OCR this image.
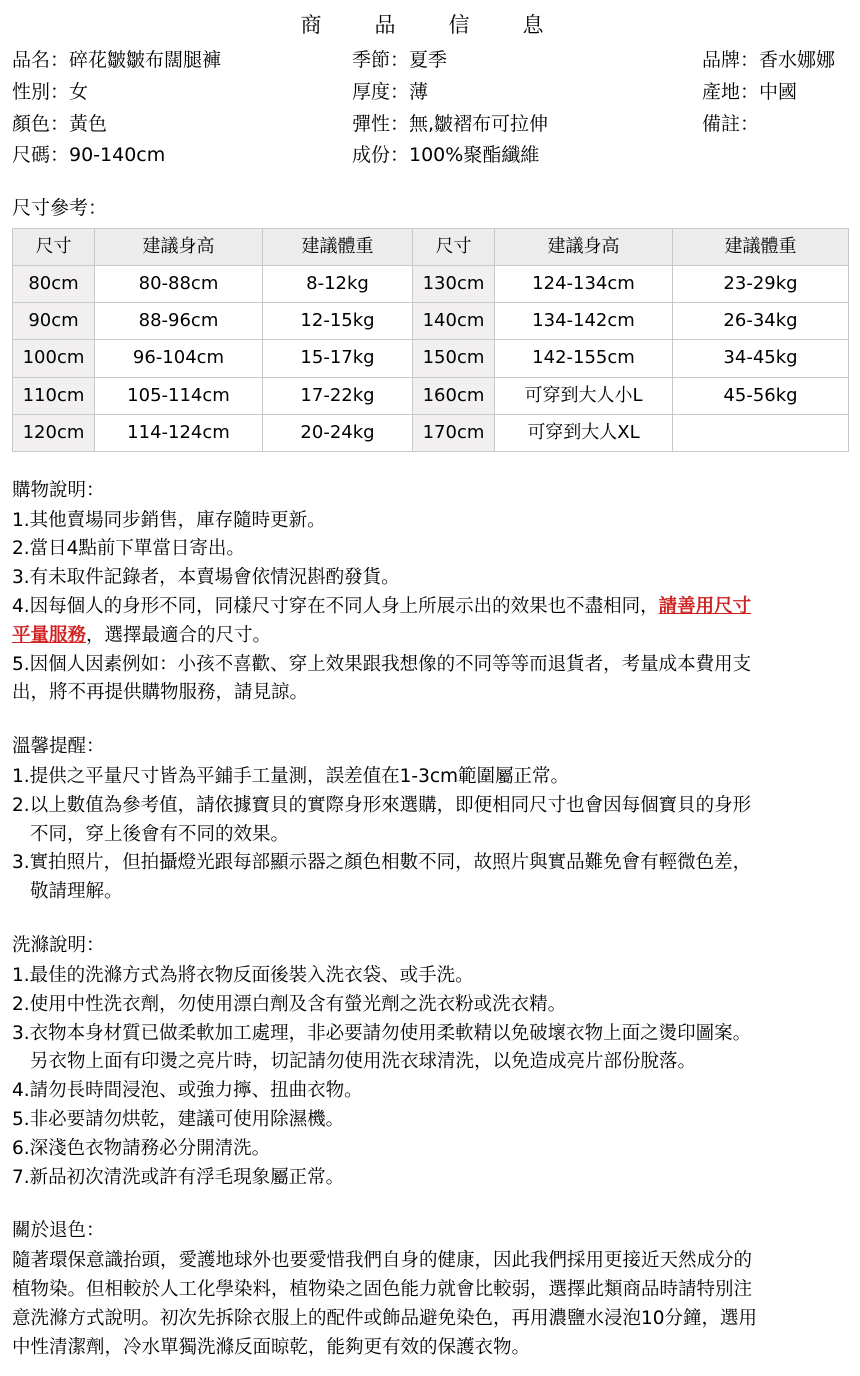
商　品　信　息
品名：碎花皺皺布闊腿褲	季節：夏季	品牌：香水娜娜
性別：女	厚度：薄	產地：中國
顏色：黃色	彈性：無,皺褶布可拉伸	備註：
尺碼：90-140cm	成份：100%聚酯纖維
尺寸參考：
尺寸	建議身高	建議體重	尺寸	建議身高	建議體重
80cm	80-88cm	8-12kg	130cm	124-134cm	23-29kg
90cm	88-96cm	12-15kg	140cm	134-142cm	26-34kg
100cm	96-104cm	15-17kg	150cm	142-155cm	34-45kg
110cm	105-114cm	17-22kg	160cm	可穿到大人小L	45-56kg
120cm	114-124cm	20-24kg	170cm	可穿到大人XL	
購物說明：

1.其他賣場同步銷售，庫存隨時更新。

2.當日4點前下單當日寄出。

3.有未取件記錄者，本賣場會依情況斟酌發貨。

4.因每個人的身形不同，同樣尺寸穿在不同人身上所展示出的效果也不盡相同，請善用尺寸

平量服務，選擇最適合的尺寸。

5.因個人因素例如：小孩不喜歡、穿上效果跟我想像的不同等等而退貨者，考量成本費用支

出，將不再提供購物服務，請見諒。

溫馨提醒：

1.提供之平量尺寸皆為平鋪手工量測，誤差值在1-3cm範圍屬正常。

2.以上數值為參考值，請依據寶貝的實際身形來選購，即便相同尺寸也會因每個寶貝的身形

不同，穿上後會有不同的效果。

3.實拍照片，但拍攝燈光跟每部顯示器之顏色相數不同，故照片與實品難免會有輕微色差，

敬請理解。

洗滌說明：

1.最佳的洗滌方式為將衣物反面後裝入洗衣袋、或手洗。

2.使用中性洗衣劑，勿使用漂白劑及含有螢光劑之洗衣粉或洗衣精。

3.衣物本身材質已做柔軟加工處理，非必要請勿使用柔軟精以免破壞衣物上面之燙印圖案。

另衣物上面有印燙之亮片時，切記請勿使用洗衣球清洗，以免造成亮片部份脫落。

4.請勿長時間浸泡、或強力擰、扭曲衣物。

5.非必要請勿烘乾，建議可使用除濕機。

6.深淺色衣物請務必分開清洗。

7.新品初次清洗或許有浮毛現象屬正常。

關於退色：

隨著環保意識抬頭，愛護地球外也要愛惜我們自身的健康，因此我們採用更接近天然成分的

植物染。但相較於人工化學染料，植物染之固色能力就會比較弱，選擇此類商品時請特別注

意洗滌方式說明。初次先拆除衣服上的配件或飾品避免染色，再用濃鹽水浸泡10分鐘，選用

中性清潔劑，冷水單獨洗滌反面晾乾，能夠更有效的保護衣物。
